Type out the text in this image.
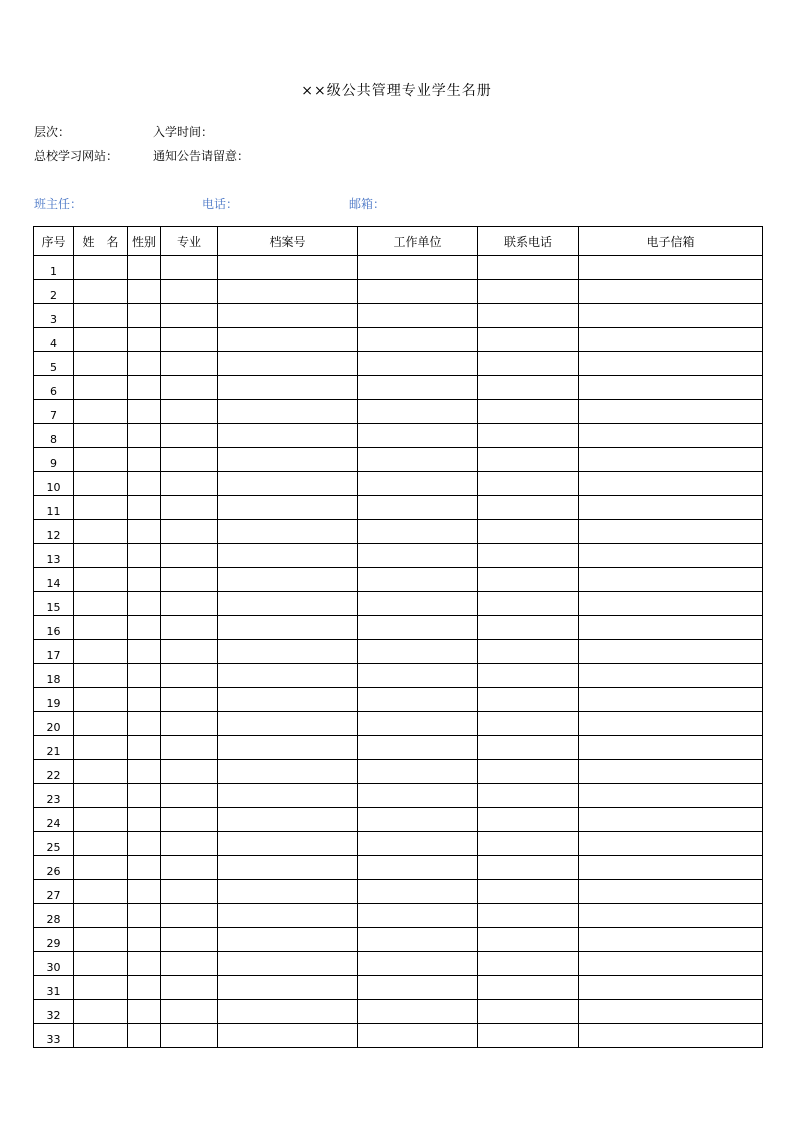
××级公共管理专业学生名册
层次：	入学时间：
总校学习网站：	通知公告请留意：
班主任：	电话：	邮箱：
序号	姓　名	性别	专业	档案号	工作单位	联系电话	电子信箱
1							
2							
3							
4							
5							
6							
7							
8							
9							
10							
11							
12							
13							
14							
15							
16							
17							
18							
19							
20							
21							
22							
23							
24							
25							
26							
27							
28							
29							
30							
31							
32							
33							
